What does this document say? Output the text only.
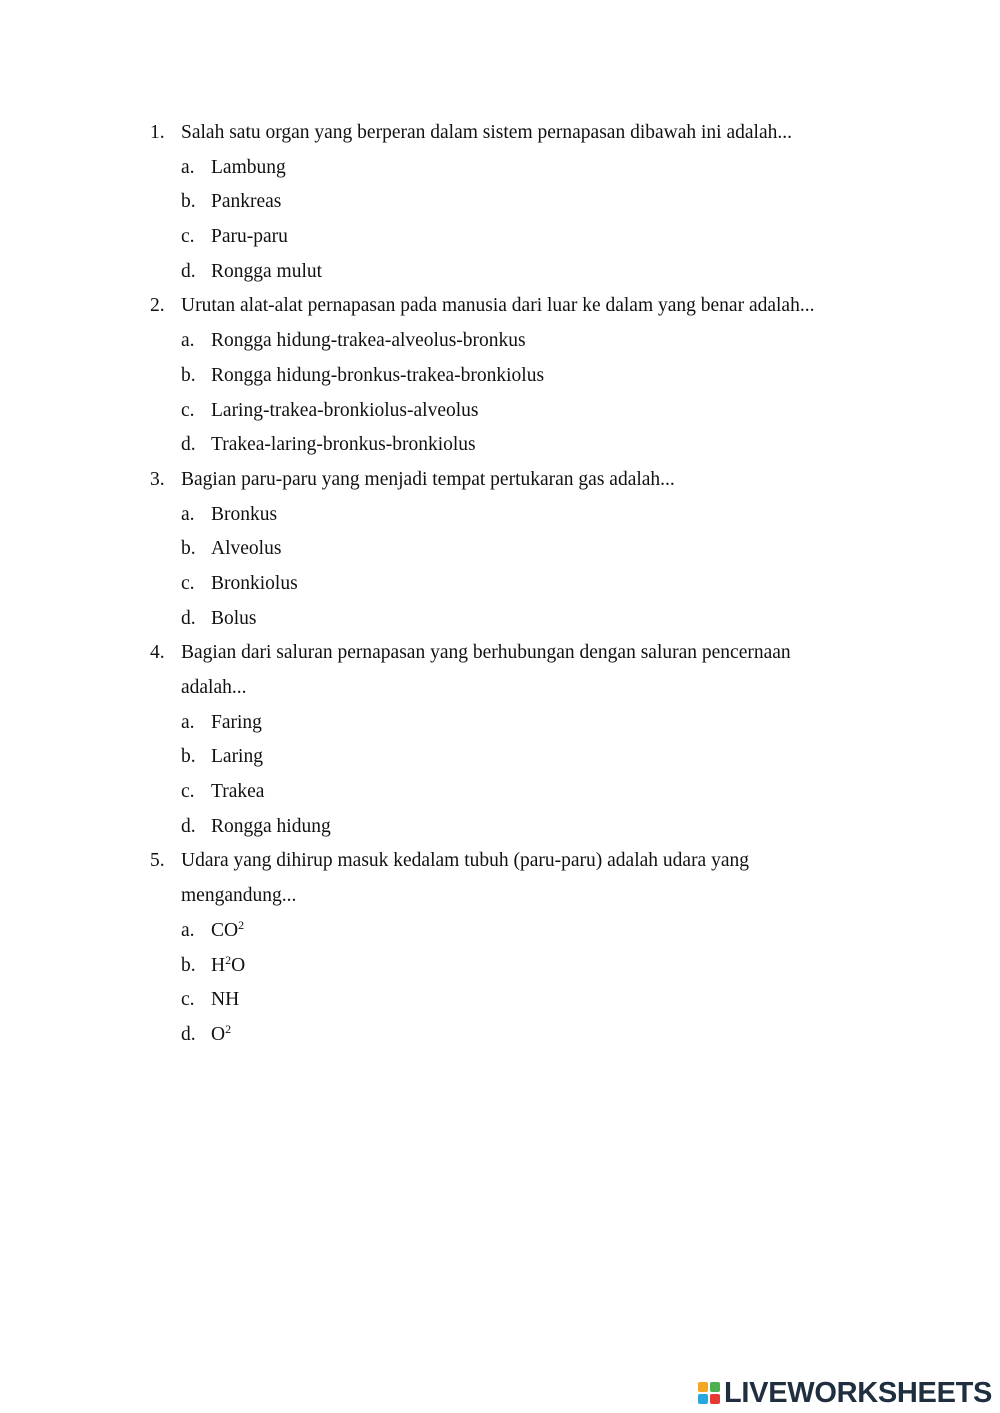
1. Salah satu organ yang berperan dalam sistem pernapasan dibawah ini adalah...
a. Lambung
b. Pankreas
c. Paru-paru
d. Rongga mulut
2. Urutan alat-alat pernapasan pada manusia dari luar ke dalam yang benar adalah...
a. Rongga hidung-trakea-alveolus-bronkus
b. Rongga hidung-bronkus-trakea-bronkiolus
c. Laring-trakea-bronkiolus-alveolus
d. Trakea-laring-bronkus-bronkiolus
3. Bagian paru-paru yang menjadi tempat pertukaran gas adalah...
a. Bronkus
b. Alveolus
c. Bronkiolus
d. Bolus
4. Bagian dari saluran pernapasan yang berhubungan dengan saluran pencernaan
adalah...
a. Faring
b. Laring
c. Trakea
d. Rongga hidung
5. Udara yang dihirup masuk kedalam tubuh (paru-paru) adalah udara yang
mengandung...
a. $CO^2$
b. $H^2O$
c. NH
d. $O^2$
LIVEWORKSHEETS
